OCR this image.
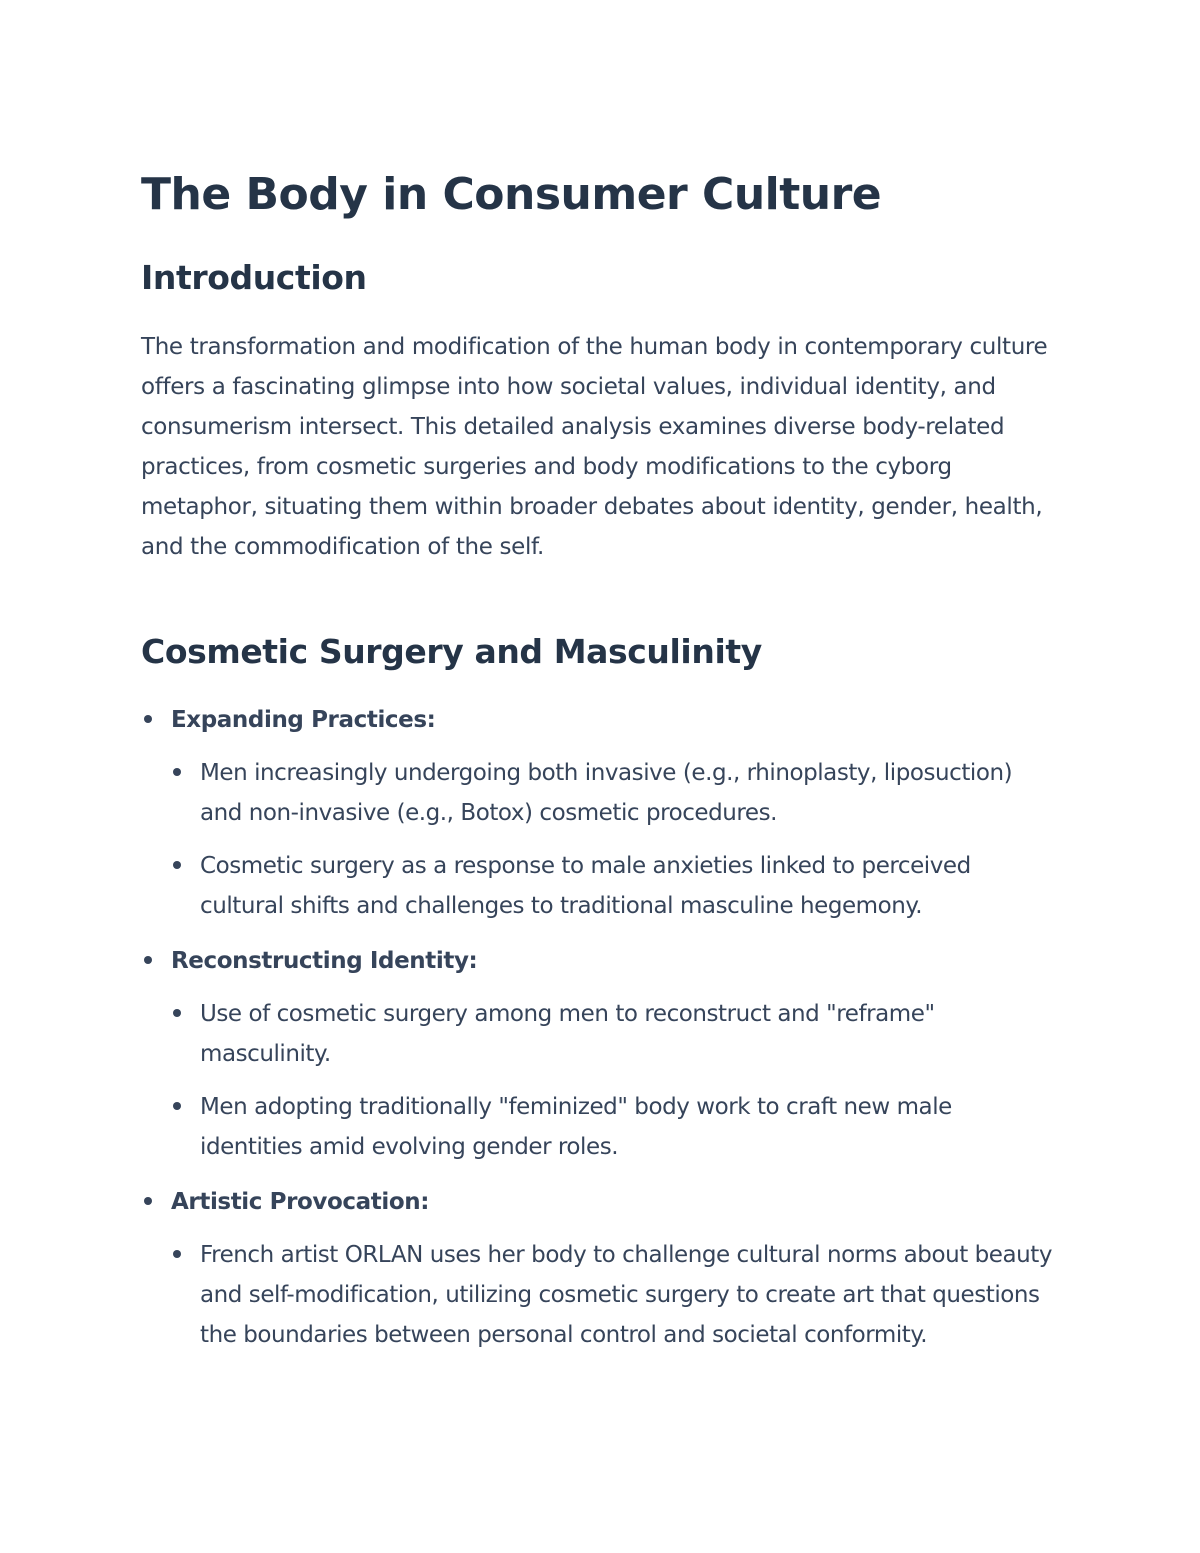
The Body in Consumer Culture
Introduction

The transformation and modification of the human body in contemporary culture offers a fascinating glimpse into how societal values, individual identity, and consumerism intersect. This detailed analysis examines diverse body-related practices, from cosmetic surgeries and body modifications to the cyborg metaphor, situating them within broader debates about identity, gender, health, and the commodification of the self.

Cosmetic Surgery and Masculinity
Expanding Practices:
Men increasingly undergoing both invasive (e.g., rhinoplasty, liposuction) and non-invasive (e.g., Botox) cosmetic procedures.
Cosmetic surgery as a response to male anxieties linked to perceived cultural shifts and challenges to traditional masculine hegemony.
Reconstructing Identity:
Use of cosmetic surgery among men to reconstruct and "reframe" masculinity.
Men adopting traditionally "feminized" body work to craft new male identities amid evolving gender roles.
Artistic Provocation:
French artist ORLAN uses her body to challenge cultural norms about beauty and self-modification, utilizing cosmetic surgery to create art that questions the boundaries between personal control and societal conformity.
